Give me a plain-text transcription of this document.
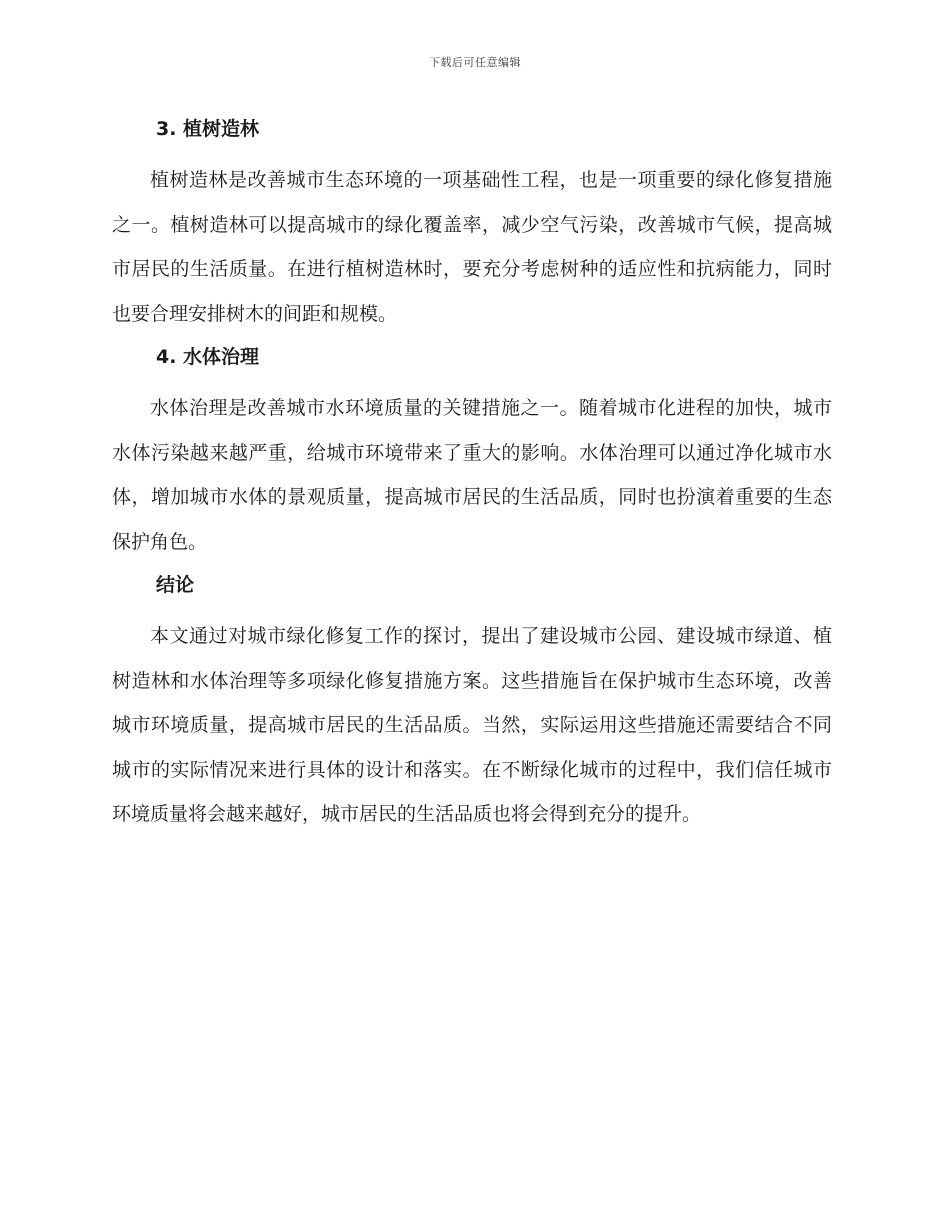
下载后可任意编辑
3. 植树造林

植树造林是改善城市生态环境的一项基础性工程，也是一项重要的绿化修复措施之一。植树造林可以提高城市的绿化覆盖率，减少空气污染，改善城市气候，提高城市居民的生活质量。在进行植树造林时，要充分考虑树种的适应性和抗病能力，同时也要合理安排树木的间距和规模。

4. 水体治理

水体治理是改善城市水环境质量的关键措施之一。随着城市化进程的加快，城市水体污染越来越严重，给城市环境带来了重大的影响。水体治理可以通过净化城市水体，增加城市水体的景观质量，提高城市居民的生活品质，同时也扮演着重要的生态保护角色。

结论

本文通过对城市绿化修复工作的探讨，提出了建设城市公园、建设城市绿道、植树造林和水体治理等多项绿化修复措施方案。这些措施旨在保护城市生态环境，改善城市环境质量，提高城市居民的生活品质。当然，实际运用这些措施还需要结合不同城市的实际情况来进行具体的设计和落实。在不断绿化城市的过程中，我们信任城市环境质量将会越来越好，城市居民的生活品质也将会得到充分的提升。
